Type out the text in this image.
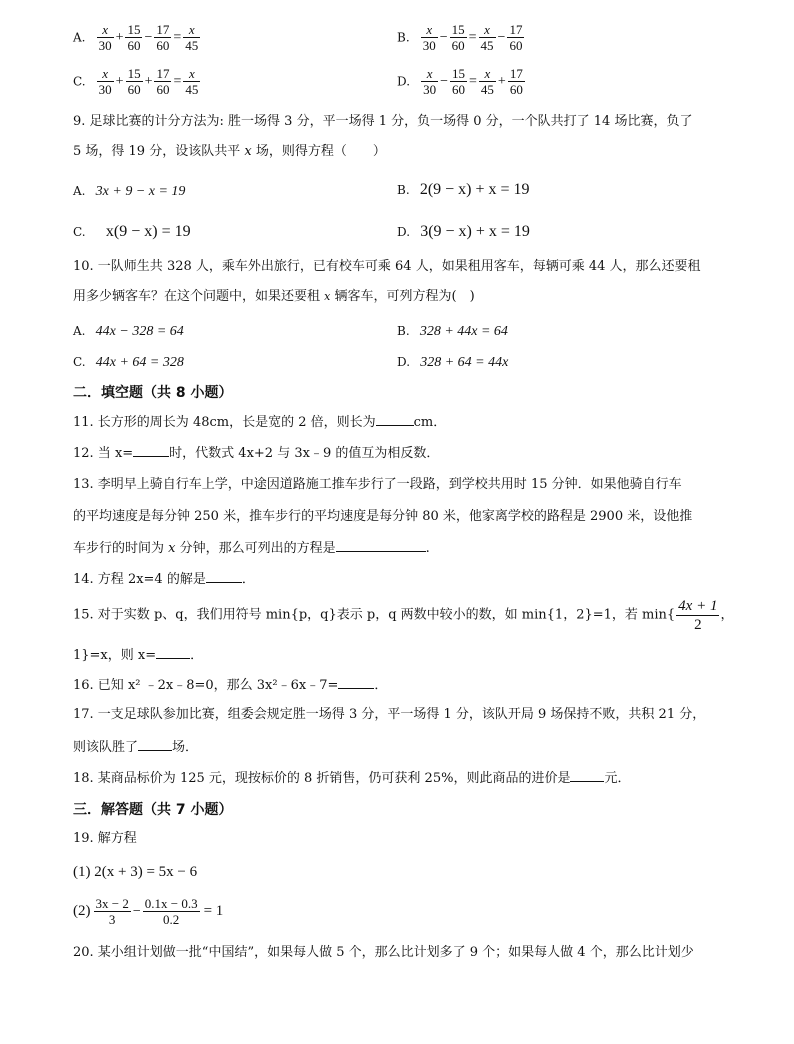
A. $\frac{x}{30} + \frac{15}{60} - \frac{17}{60} = \frac{x}{45}$	B. $\frac{x}{30} - \frac{15}{60} = \frac{x}{45} - \frac{17}{60}$
C. $\frac{x}{30} + \frac{15}{60} + \frac{17}{60} = \frac{x}{45}$	D. $\frac{x}{30} - \frac{15}{60} = \frac{x}{45} + \frac{17}{60}$
9. 足球比赛的计分方法为: 胜一场得 3 分，平一场得 1 分，负一场得 0 分，一个队共打了 14 场比赛，负了
5 场，得 19 分，设该队共平 x 场，则得方程（　　）
A. 3x + 9 − x = 19	B. 2(9 − x) + x = 19
C. x(9 − x) = 19	D. 3(9 − x) + x = 19
10. 一队师生共 328 人，乘车外出旅行，已有校车可乘 64 人，如果租用客车，每辆可乘 44 人，那么还要租
用多少辆客车？在这个问题中，如果还要租 x 辆客车，可列方程为(　)
A. 44x − 328 = 64	B. 328 + 44x = 64
C. 44x + 64 = 328	D. 328 + 64 = 44x
二．填空题（共 8 小题）
11. 长方形的周长为 48cm，长是宽的 2 倍，则长为	cm．
12. 当 x=	时，代数式 4x+2 与 3x﹣9 的值互为相反数．
13. 李明早上骑自行车上学，中途因道路施工推车步行了一段路，到学校共用时 15 分钟．如果他骑自行车
的平均速度是每分钟 250 米，推车步行的平均速度是每分钟 80 米，他家离学校的路程是 2900 米，设他推
车步行的时间为 x 分钟，那么可列出的方程是	.
14. 方程 2x=4 的解是	．
15. 对于实数 p、q，我们用符号 min{p，q}表示 p，q 两数中较小的数，如 min{1，2}=1，若 $\min\{ \frac{4x + 1}{2}$ ，
1}=x，则 x=	．
16. 已知 x² ﹣2x﹣8=0，那么 3x²﹣6x﹣7=	．
17. 一支足球队参加比赛，组委会规定胜一场得 3 分，平一场得 1 分，该队开局 9 场保持不败，共积 21 分，
则该队胜了	场．
18. 某商品标价为 125 元，现按标价的 8 折销售，仍可获利 25%，则此商品的进价是	元．
三．解答题（共 7 小题）
19. 解方程
(1) 2(x + 3) = 5x − 6
$(2) \frac{3x - 2}{3} - \frac{0.1x - 0.3}{0.2} = 1$
20. 某小组计划做一批“中国结”，如果每人做 5 个，那么比计划多了 9 个；如果每人做 4 个，那么比计划少
